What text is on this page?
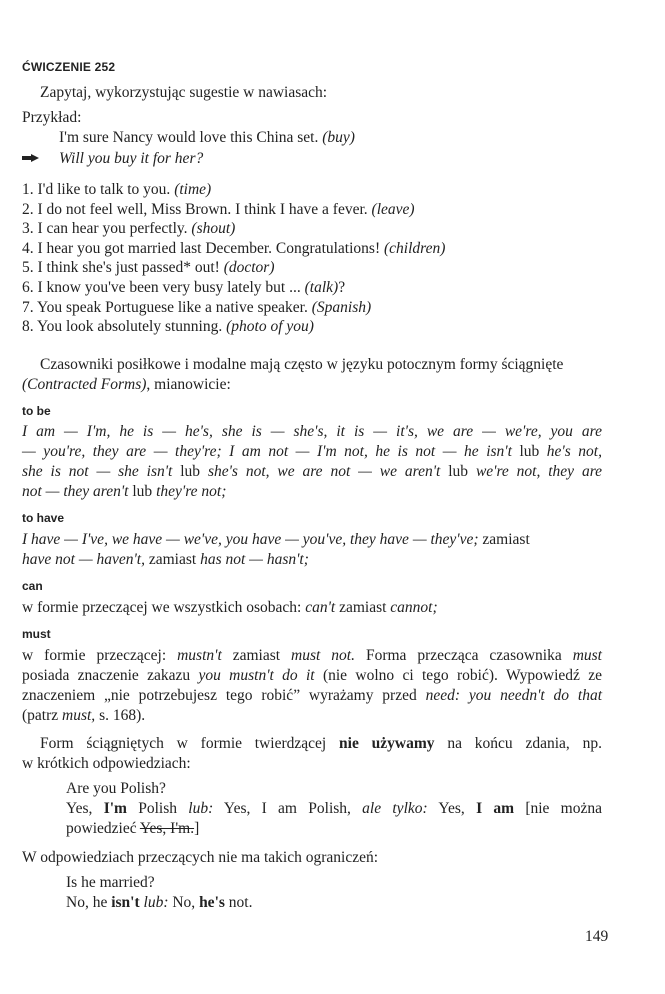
ĆWICZENIE 252
Zapytaj, wykorzystując sugestie w nawiasach:
Przykład:
I'm sure Nancy would love this China set. (buy)
Will you buy it for her?
1. I'd like to talk to you. (time)
2. I do not feel well, Miss Brown. I think I have a fever. (leave)
3. I can hear you perfectly. (shout)
4. I hear you got married last December. Congratulations! (children)
5. I think she's just passed* out! (doctor)
6. I know you've been very busy lately but ... (talk)?
7. You speak Portuguese like a native speaker. (Spanish)
8. You look absolutely stunning. (photo of you)
Czasowniki posiłkowe i modalne mają często w języku potocznym formy ściągnięte
(Contracted Forms), mianowicie:
to be
I am — I'm, he is — he's, she is — she's, it is — it's, we are — we're, you are
— you're, they are — they're; I am not — I'm not, he is not — he isn't lub he's not,
she is not — she isn't lub she's not, we are not — we aren't lub we're not, they are
not — they aren't lub they're not;
to have
I have — I've, we have — we've, you have — you've, they have — they've; zamiast
have not — haven't, zamiast has not — hasn't;
can
w formie przeczącej we wszystkich osobach: can't zamiast cannot;
must
w formie przeczącej: mustn't zamiast must not. Forma przecząca czasownika must
posiada znaczenie zakazu you mustn't do it (nie wolno ci tego robić). Wypowiedź ze
znaczeniem „nie potrzebujesz tego robić” wyrażamy przed need: you needn't do that
(patrz must, s. 168).
Form ściągniętych w formie twierdzącej nie używamy na końcu zdania, np.
w krótkich odpowiedziach:
Are you Polish?
Yes, I'm Polish lub: Yes, I am Polish, ale tylko: Yes, I am [nie można
powiedzieć Yes, I'm.]
W odpowiedziach przeczących nie ma takich ograniczeń:
Is he married?
No, he isn't lub: No, he's not.
149
